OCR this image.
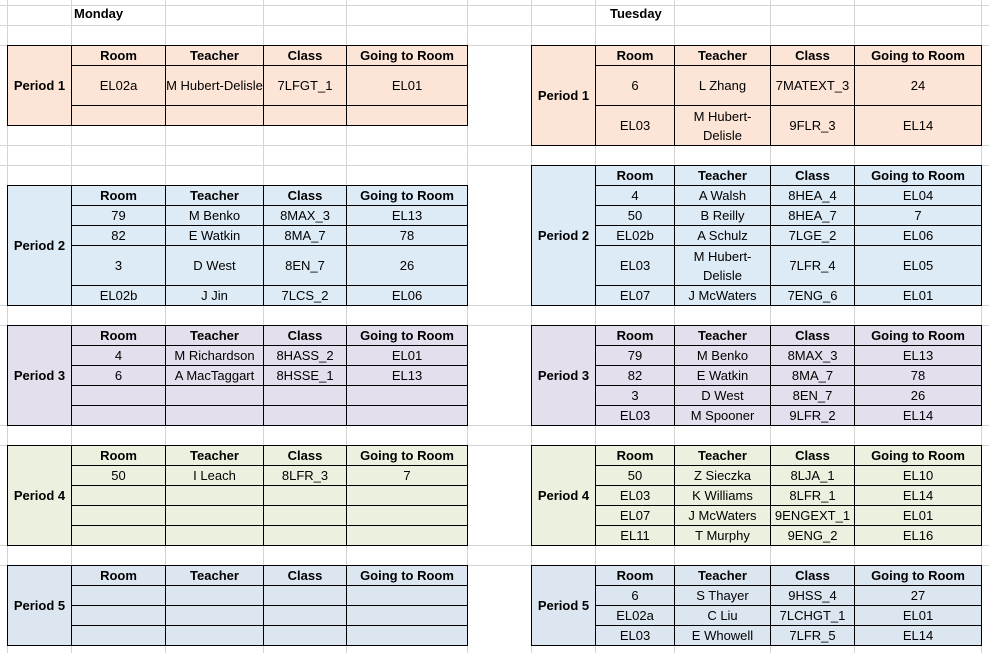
Monday	Tuesday
Period 1	Room	Teacher	Class	Going to Room
	EL02a	M Hubert-Delisle	7LFGT_1	EL01

Period 2	Room	Teacher	Class	Going to Room
	79	M Benko	8MAX_3	EL13
	82	E Watkin	8MA_7	78
	3	D West	8EN_7	26
	EL02b	J Jin	7LCS_2	EL06
Period 3	Room	Teacher	Class	Going to Room
	4	M Richardson	8HASS_2	EL01
	6	A MacTaggart	8HSSE_1	EL13

Period 4	Room	Teacher	Class	Going to Room
	50	I Leach	8LFR_3	7

Period 5	Room	Teacher	Class	Going to Room

Period 1	Room	Teacher	Class	Going to Room
	6	L Zhang	7MATEXT_3	24
	EL03	M Hubert-Delisle	9FLR_3	EL14
Period 2	Room	Teacher	Class	Going to Room
	4	A Walsh	8HEA_4	EL04
	50	B Reilly	8HEA_7	7
	EL02b	A Schulz	7LGE_2	EL06
	EL03	M Hubert-Delisle	7LFR_4	EL05
	EL07	J McWaters	7ENG_6	EL01
Period 3	Room	Teacher	Class	Going to Room
	79	M Benko	8MAX_3	EL13
	82	E Watkin	8MA_7	78
	3	D West	8EN_7	26
	EL03	M Spooner	9LFR_2	EL14
Period 4	Room	Teacher	Class	Going to Room
	50	Z Sieczka	8LJA_1	EL10
	EL03	K Williams	8LFR_1	EL14
	EL07	J McWaters	9ENGEXT_1	EL01
	EL11	T Murphy	9ENG_2	EL16
Period 5	Room	Teacher	Class	Going to Room
	6	S Thayer	9HSS_4	27
	EL02a	C Liu	7LCHGT_1	EL01
	EL03	E Whowell	7LFR_5	EL14
